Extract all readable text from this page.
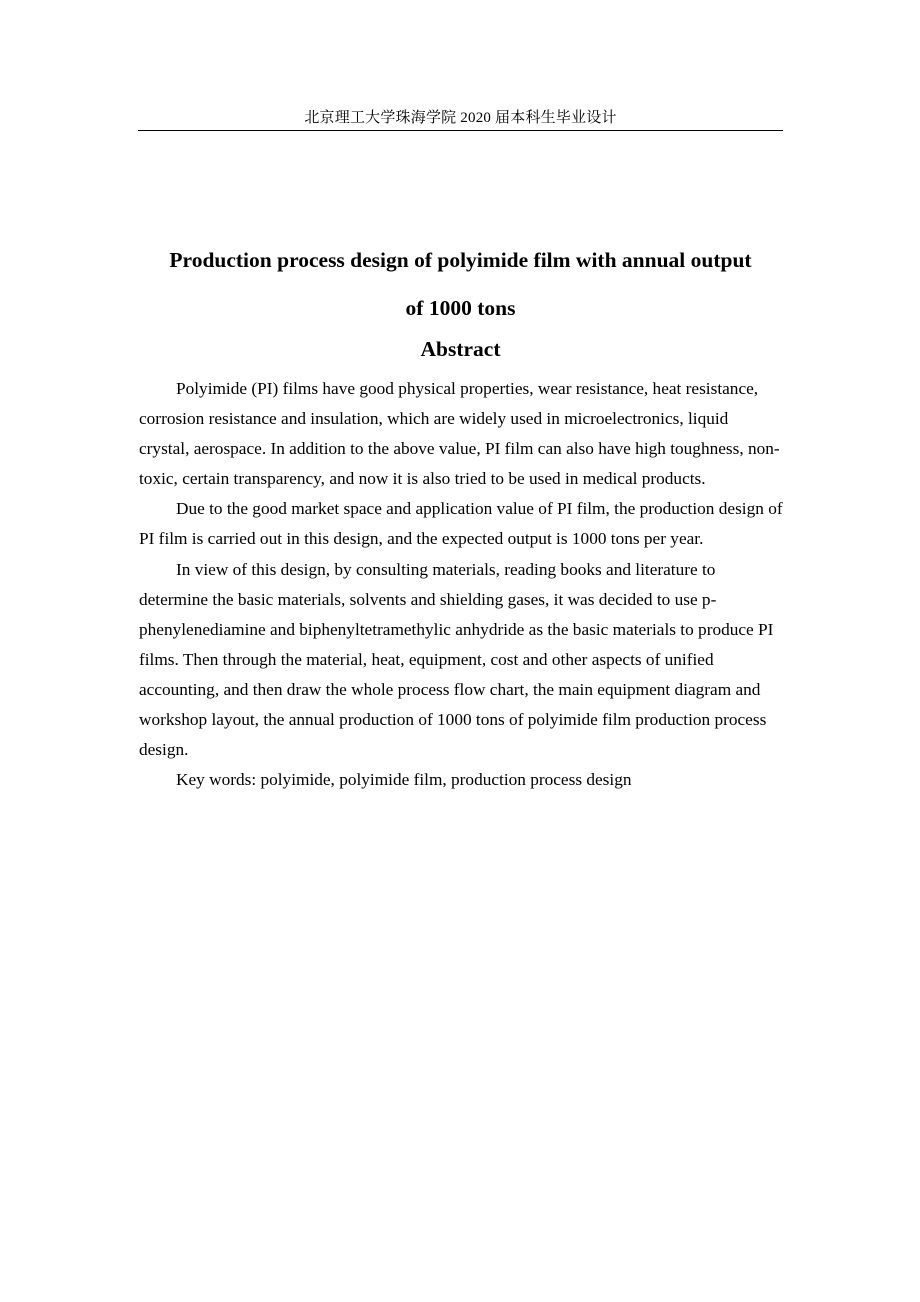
北京理工大学珠海学院 2020 届本科生毕业设计
Production process design of polyimide film with annual output
of 1000 tons
Abstract

Polyimide (PI) films have good physical properties, wear resistance, heat resistance, corrosion resistance and insulation, which are widely used in microelectronics, liquid crystal, aerospace. In addition to the above value, PI film can also have high toughness, non-toxic, certain transparency, and now it is also tried to be used in medical products.

Due to the good market space and application value of PI film, the production design of PI film is carried out in this design, and the expected output is 1000 tons per year.

In view of this design, by consulting materials, reading books and literature to determine the basic materials, solvents and shielding gases, it was decided to use p-phenylenediamine and biphenyltetramethylic anhydride as the basic materials to produce PI films. Then through the material, heat, equipment, cost and other aspects of unified accounting, and then draw the whole process flow chart, the main equipment diagram and workshop layout, the annual production of 1000 tons of polyimide film production process design.

Key words: polyimide, polyimide film, production process design
